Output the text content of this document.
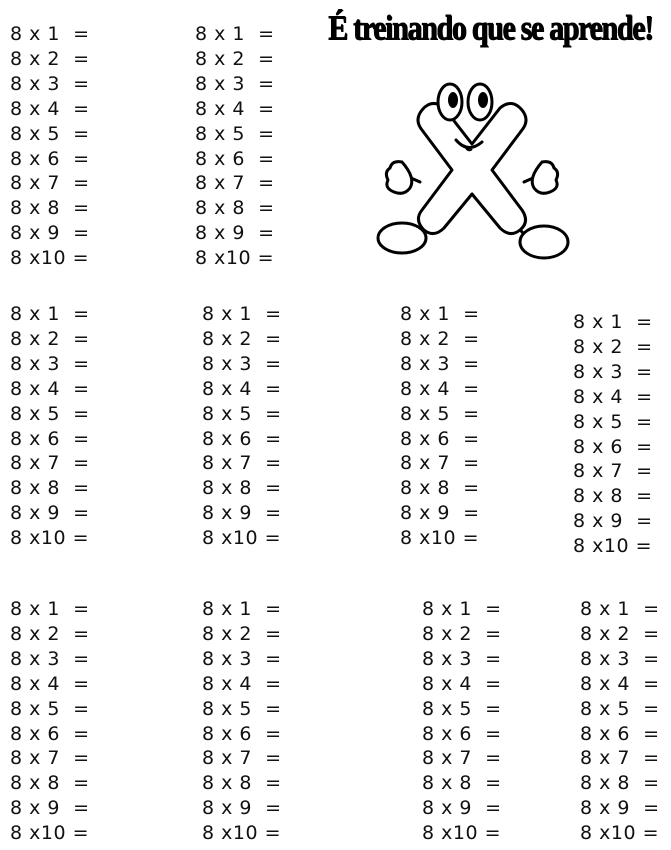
É treinando que se aprende!
8 x 1  =
8 x 2  =
8 x 3  =
8 x 4  =
8 x 5  =
8 x 6  =
8 x 7  =
8 x 8  =
8 x 9  =
8 x10 =
8 x 1  =
8 x 2  =
8 x 3  =
8 x 4  =
8 x 5  =
8 x 6  =
8 x 7  =
8 x 8  =
8 x 9  =
8 x10 =
8 x 1  =
8 x 2  =
8 x 3  =
8 x 4  =
8 x 5  =
8 x 6  =
8 x 7  =
8 x 8  =
8 x 9  =
8 x10 =
8 x 1  =
8 x 2  =
8 x 3  =
8 x 4  =
8 x 5  =
8 x 6  =
8 x 7  =
8 x 8  =
8 x 9  =
8 x10 =
8 x 1  =
8 x 2  =
8 x 3  =
8 x 4  =
8 x 5  =
8 x 6  =
8 x 7  =
8 x 8  =
8 x 9  =
8 x10 =
8 x 1  =
8 x 2  =
8 x 3  =
8 x 4  =
8 x 5  =
8 x 6  =
8 x 7  =
8 x 8  =
8 x 9  =
8 x10 =
8 x 1  =
8 x 2  =
8 x 3  =
8 x 4  =
8 x 5  =
8 x 6  =
8 x 7  =
8 x 8  =
8 x 9  =
8 x10 =
8 x 1  =
8 x 2  =
8 x 3  =
8 x 4  =
8 x 5  =
8 x 6  =
8 x 7  =
8 x 8  =
8 x 9  =
8 x10 =
8 x 1  =
8 x 2  =
8 x 3  =
8 x 4  =
8 x 5  =
8 x 6  =
8 x 7  =
8 x 8  =
8 x 9  =
8 x10 =
8 x 1  =
8 x 2  =
8 x 3  =
8 x 4  =
8 x 5  =
8 x 6  =
8 x 7  =
8 x 8  =
8 x 9  =
8 x10 =
